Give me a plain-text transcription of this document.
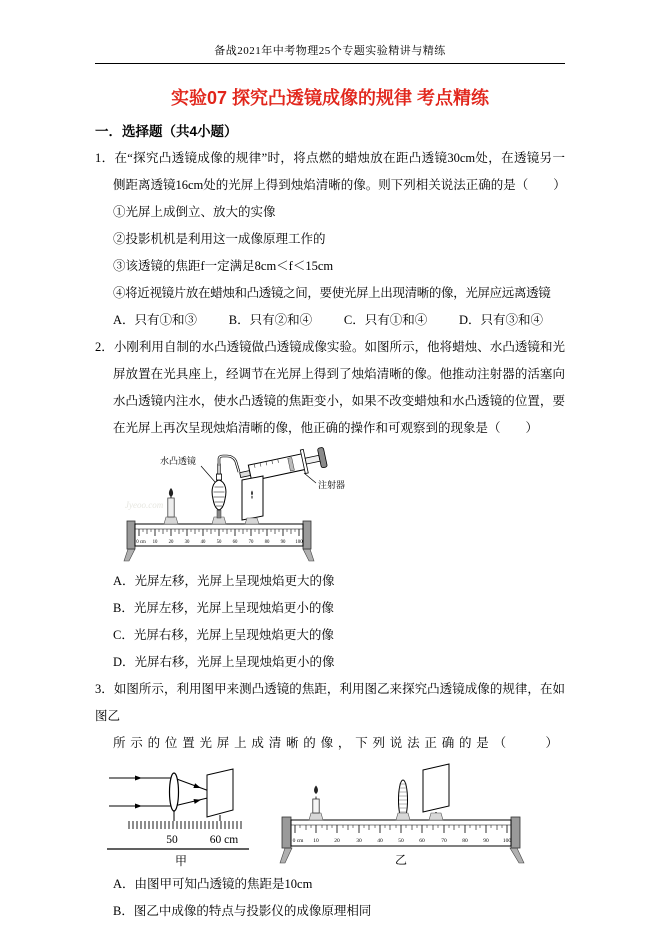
备战2021年中考物理25个专题实验精讲与精练
实验07 探究凸透镜成像的规律 考点精练
一．选择题（共4小题）

1．在“探究凸透镜成像的规律”时，将点燃的蜡烛放在距凸透镜30cm处，在透镜另一侧距离透镜16cm处的光屏上得到烛焰清晰的像。则下列相关说法正确的是（　　）

①光屏上成倒立、放大的实像

②投影机机是利用这一成像原理工作的

③该透镜的焦距f一定满足8cm＜f＜15cm

④将近视镜片放在蜡烛和凸透镜之间，要使光屏上出现清晰的像，光屏应远离透镜

A．只有①和③	B．只有②和④	C．只有①和④	D．只有③和④

2．小刚利用自制的水凸透镜做凸透镜成像实验。如图所示，他将蜡烛、水凸透镜和光屏放置在光具座上，经调节在光屏上得到了烛焰清晰的像。他推动注射器的活塞向水凸透镜内注水，使水凸透镜的焦距变小，如果不改变蜡烛和水凸透镜的位置，要在光屏上再次呈现烛焰清晰的像，他正确的操作和可观察到的现象是（　　）

Jyeoo.com
0 cm 10 20 30 40 50 60 70 80 90 100
水凸透镜
注射器

A．光屏左移，光屏上呈现烛焰更大的像

B．光屏左移，光屏上呈现烛焰更小的像

C．光屏右移，光屏上呈现烛焰更大的像

D．光屏右移，光屏上呈现烛焰更小的像

3．如图所示，利用图甲来测凸透镜的焦距，利用图乙来探究凸透镜成像的规律，在如图乙
所示的位置光屏上成清晰的像，下列说法正确的是（　　）

50	60 cm
甲
0 cm 10	20	30	40	50	60	70	80	90	100
乙

A．由图甲可知凸透镜的焦距是10cm

B．图乙中成像的特点与投影仪的成像原理相同
